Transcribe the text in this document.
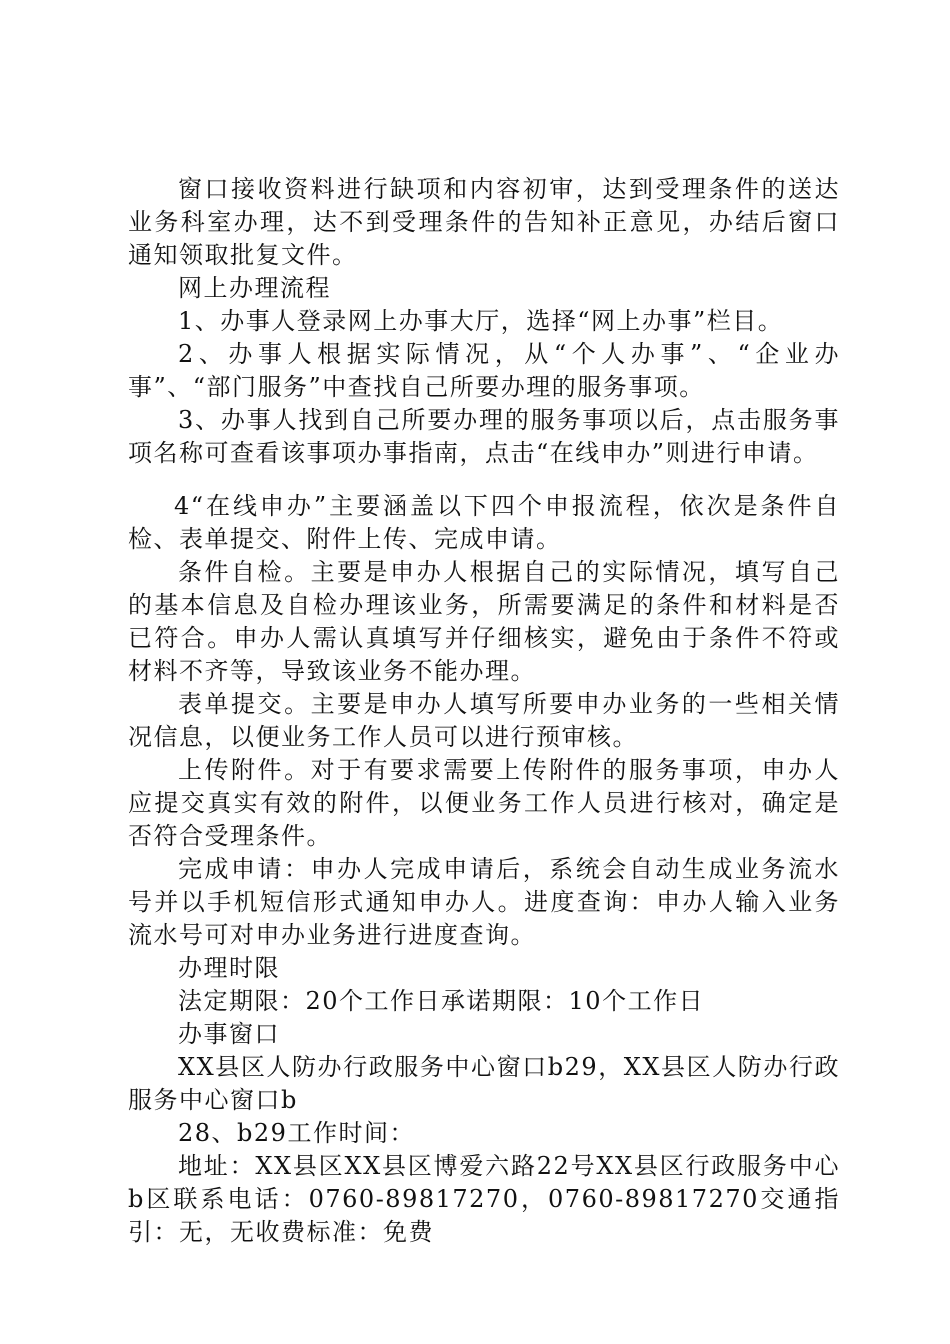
窗口接收资料进行缺项和内容初审，达到受理条件的送达业务科室办理，达不到受理条件的告知补正意见，办结后窗口通知领取批复文件。

网上办理流程

1、办事人登录网上办事大厅，选择“网上办事”栏目。

2、办事人根据实际情况，从“个人办事”、“企业办事”、“部门服务”中查找自己所要办理的服务事项。

3、办事人找到自己所要办理的服务事项以后，点击服务事项名称可查看该事项办事指南，点击“在线申办”则进行申请。

4“在线申办”主要涵盖以下四个申报流程，依次是条件自检、表单提交、附件上传、完成申请。

条件自检。主要是申办人根据自己的实际情况，填写自己的基本信息及自检办理该业务，所需要满足的条件和材料是否已符合。申办人需认真填写并仔细核实，避免由于条件不符或材料不齐等，导致该业务不能办理。

表单提交。主要是申办人填写所要申办业务的一些相关情况信息，以便业务工作人员可以进行预审核。

上传附件。对于有要求需要上传附件的服务事项，申办人应提交真实有效的附件，以便业务工作人员进行核对，确定是否符合受理条件。

完成申请：申办人完成申请后，系统会自动生成业务流水号并以手机短信形式通知申办人。进度查询：申办人输入业务流水号可对申办业务进行进度查询。

办理时限

法定期限：20个工作日承诺期限：10个工作日

办事窗口

XX县区人防办行政服务中心窗口b29，XX县区人防办行政服务中心窗口b

28、b29工作时间：

地址：XX县区XX县区博爱六路22号XX县区行政服务中心b区联系电话：0760-89817270，0760-89817270交通指引：无，无收费标准：免费
